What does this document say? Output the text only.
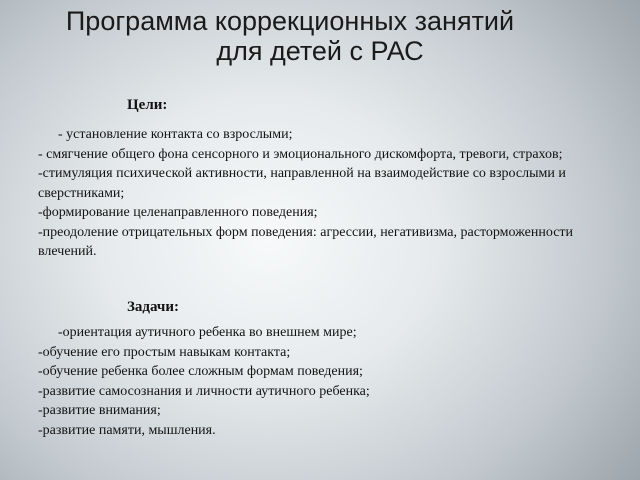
Программа коррекционных занятий
для детей с РАС
Цели:
- установление контакта со взрослыми;
- смягчение общего фона сенсорного и эмоционального дискомфорта, тревоги, страхов;
-стимуляция психической активности, направленной на взаимодействие со взрослыми и сверстниками;
-формирование целенаправленного поведения;
-преодоление отрицательных форм поведения: агрессии, негативизма, расторможенности влечений.
Задачи:
-ориентация аутичного ребенка во внешнем мире;
-обучение его простым навыкам контакта;
-обучение ребенка более сложным формам поведения;
-развитие самосознания и личности аутичного ребенка;
-развитие внимания;
-развитие памяти, мышления.
